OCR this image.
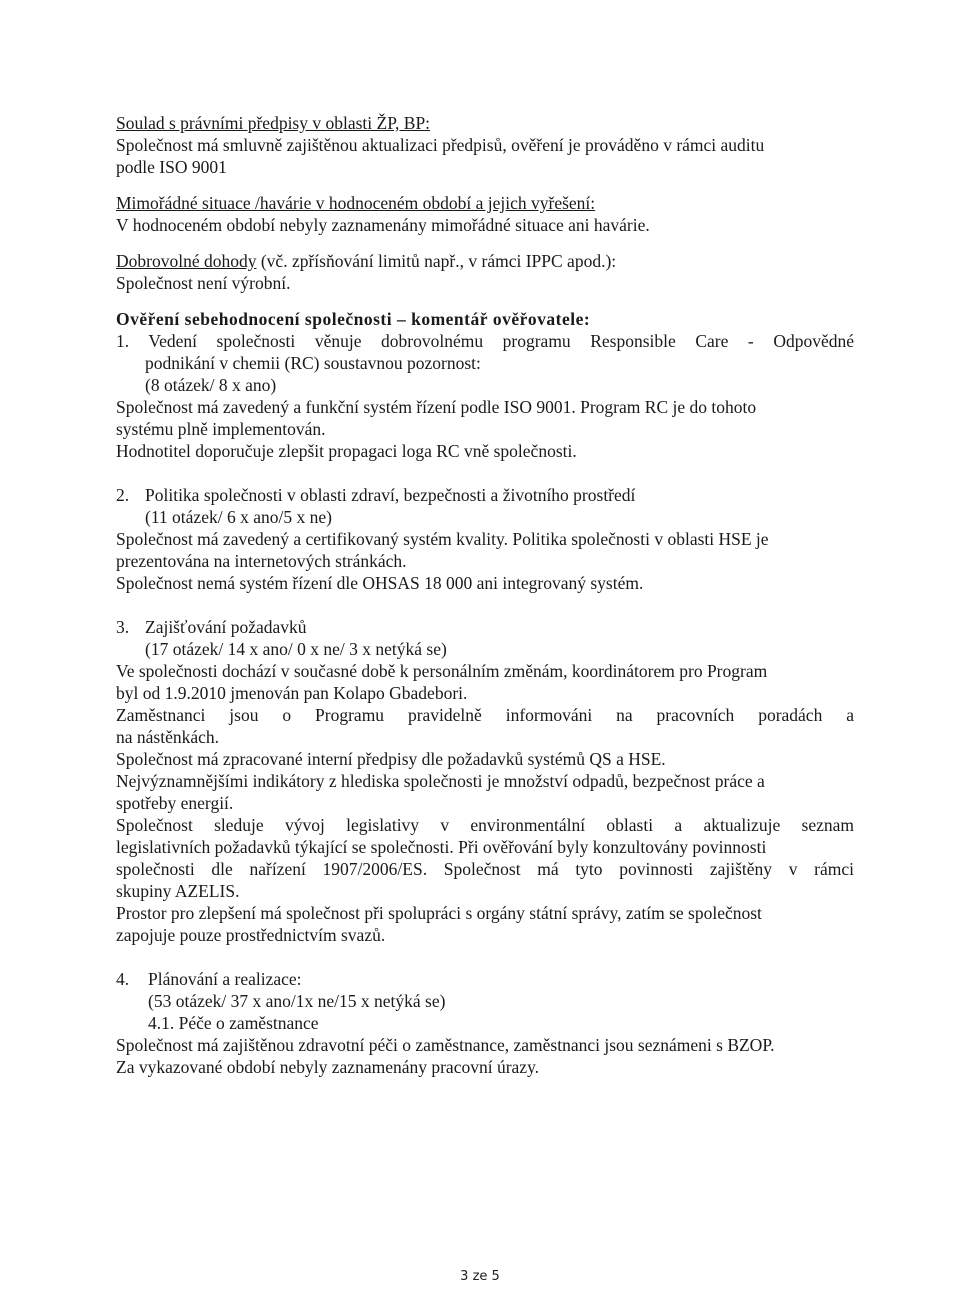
Soulad s právními předpisy v oblasti ŽP, BP:
Společnost má smluvně zajištěnou aktualizaci předpisů, ověření je prováděno v rámci auditu
podle ISO 9001
Mimořádné situace /havárie v hodnoceném období a jejich vyřešení:
V hodnoceném období nebyly zaznamenány mimořádné situace ani havárie.
Dobrovolné dohody (vč. zpřísňování limitů např., v rámci IPPC apod.):
Společnost není výrobní.
Ověření sebehodnocení společnosti – komentář ověřovatele:
1. Vedení společnosti věnuje dobrovolnému programu Responsible Care - Odpovědné
podnikání v chemii (RC) soustavnou pozornost:
(8 otázek/ 8 x ano)
Společnost má zavedený a funkční systém řízení podle ISO 9001. Program RC je do tohoto
systému plně implementován.
Hodnotitel doporučuje zlepšit propagaci loga RC vně společnosti.
2. Politika společnosti v oblasti zdraví, bezpečnosti a životního prostředí
(11 otázek/ 6 x ano/5 x ne)
Společnost má zavedený a certifikovaný systém kvality. Politika společnosti v oblasti HSE je
prezentována na internetových stránkách.
Společnost nemá systém řízení dle OHSAS 18 000 ani integrovaný systém.
3. Zajišťování požadavků
(17 otázek/ 14 x ano/ 0 x ne/ 3 x netýká se)
Ve společnosti dochází v současné době k personálním změnám, koordinátorem pro Program
byl od 1.9.2010 jmenován pan Kolapo Gbadebori.
Zaměstnanci jsou o Programu pravidelně informováni na pracovních poradách a
na nástěnkách.
Společnost má zpracované interní předpisy dle požadavků systémů QS a HSE.
Nejvýznamnějšími indikátory z hlediska společnosti je množství odpadů, bezpečnost práce a
spotřeby energií.
Společnost sleduje vývoj legislativy v environmentální oblasti a aktualizuje seznam
legislativních požadavků týkající se společnosti. Při ověřování byly konzultovány povinnosti
společnosti dle nařízení 1907/2006/ES. Společnost má tyto povinnosti zajištěny v rámci
skupiny AZELIS.
Prostor pro zlepšení má společnost při spolupráci s orgány státní správy, zatím se společnost
zapojuje pouze prostřednictvím svazů.
4. Plánování a realizace:
(53 otázek/ 37 x ano/1x ne/15 x netýká se)
4.1. Péče o zaměstnance
Společnost má zajištěnou zdravotní péči o zaměstnance, zaměstnanci jsou seznámeni s BZOP.
Za vykazované období nebyly zaznamenány pracovní úrazy.
3 ze 5
